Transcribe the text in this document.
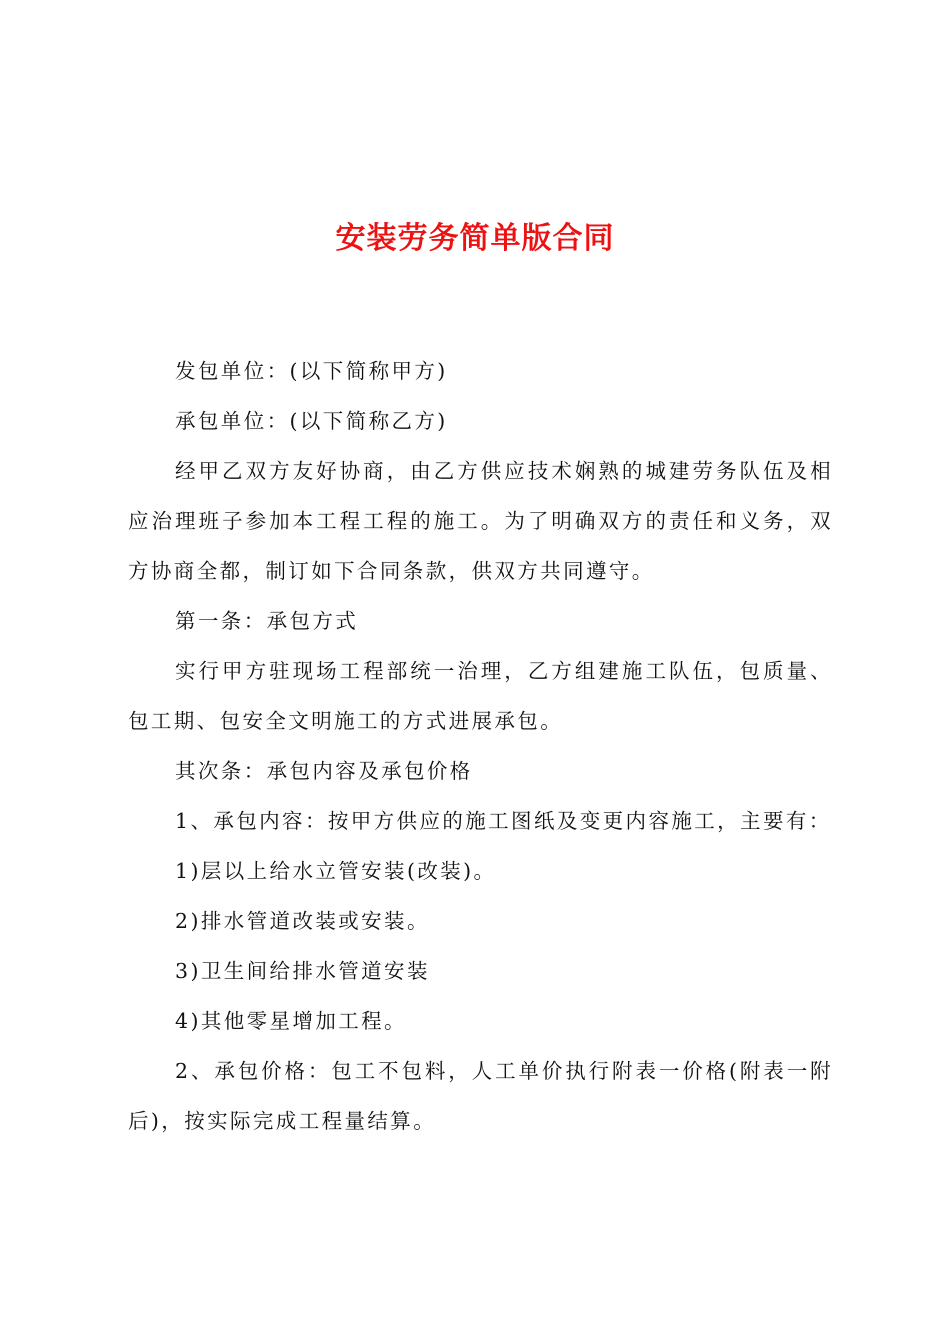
安装劳务简单版合同

发包单位：(以下简称甲方)

承包单位：(以下简称乙方)

经甲乙双方友好协商，由乙方供应技术娴熟的城建劳务队伍及相应治理班子参加本工程工程的施工。为了明确双方的责任和义务，双方协商全都，制订如下合同条款，供双方共同遵守。

第一条：承包方式

实行甲方驻现场工程部统一治理，乙方组建施工队伍，包质量、包工期、包安全文明施工的方式进展承包。

其次条：承包内容及承包价格

1、承包内容：按甲方供应的施工图纸及变更内容施工，主要有：

1)层以上给水立管安装(改装)。

2)排水管道改装或安装。

3)卫生间给排水管道安装

4)其他零星增加工程。

2、承包价格：包工不包料，人工单价执行附表一价格(附表一附后)，按实际完成工程量结算。
